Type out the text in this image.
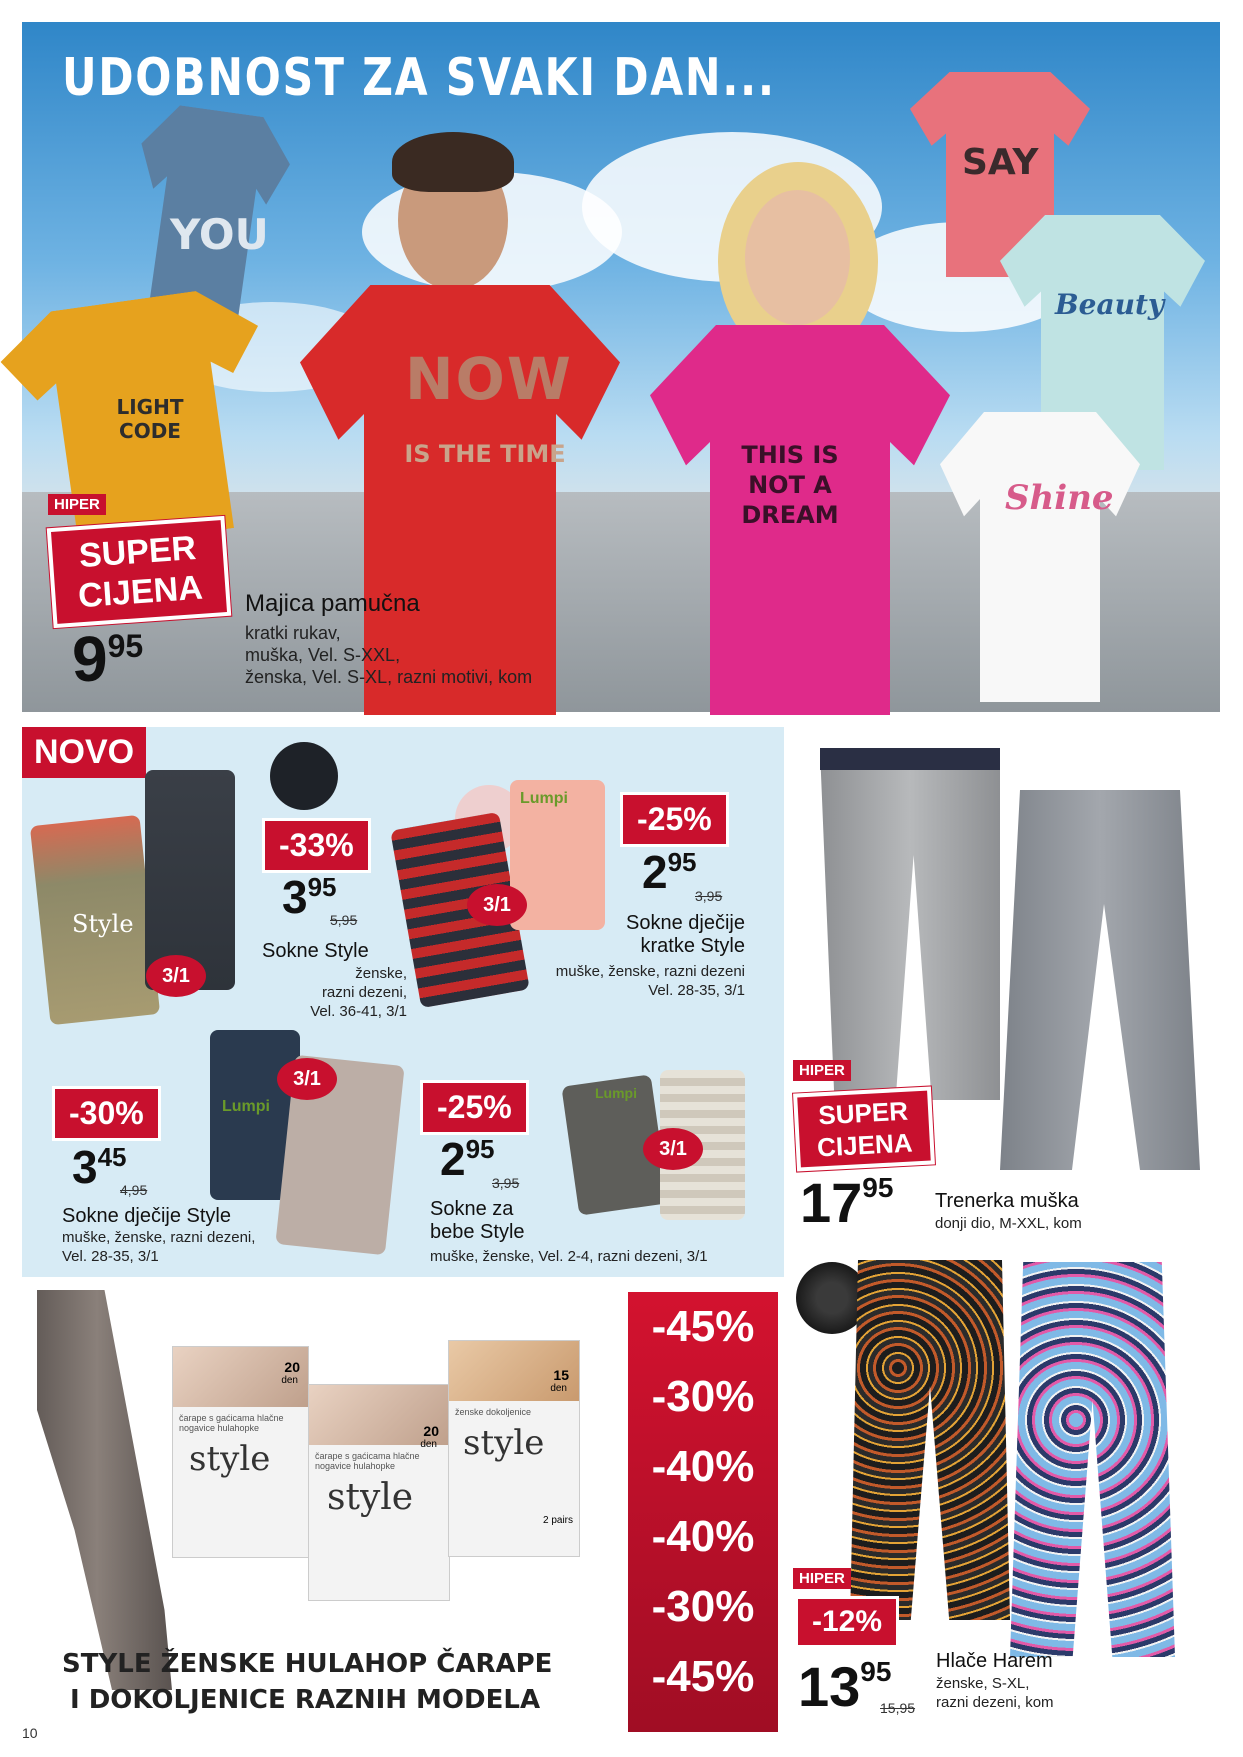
UDOBNOST ZA SVAKI DAN...
YOU
LIGHT CODE
NOW
IS THE TIME	THIS IS NOT A DREAM
SAY
Beauty
Shine
HIPER
SUPER
CIJENA
995
Majica pamučna
kratki rukav,
muška, Vel. S-XXL,
ženska, Vel. S-XL, razni motivi, kom
NOVO
Style
-33%
3/1
395
5,95
Sokne Style
ženske,
razni dezeni,
Vel. 36-41, 3/1
Lumpi
3/1
-25%
295
3,95
Sokne dječije
kratke Style
muške, ženske, razni dezeni
Vel. 28-35, 3/1
Lumpi
3/1
-30%
345
4,95
Sokne dječije Style
muške, ženske, razni dezeni,
Vel. 28-35, 3/1
Lumpi
3/1
-25%
295
3,95
Sokne za
bebe Style
muške, ženske, Vel. 2-4, razni dezeni, 3/1
HIPER
SUPER
CIJENA
1795 Trenerka muška
donji dio, M-XXL, kom
20
den
čarape s gaćicama hlačne nogavice hulahopke
style
20
den
čarape s gaćicama hlačne nogavice hulahopke
style
15
den
ženske dokoljenice
style
2 pairs
-45%
-30%
-40%
-40%
-30%
-45%
STYLE ŽENSKE HULAHOP ČARAPE
I DOKOLJENICE RAZNIH MODELA
HIPER
-12%
1395
15,95
Hlače Harem
ženske, S-XL,
razni dezeni, kom
10
